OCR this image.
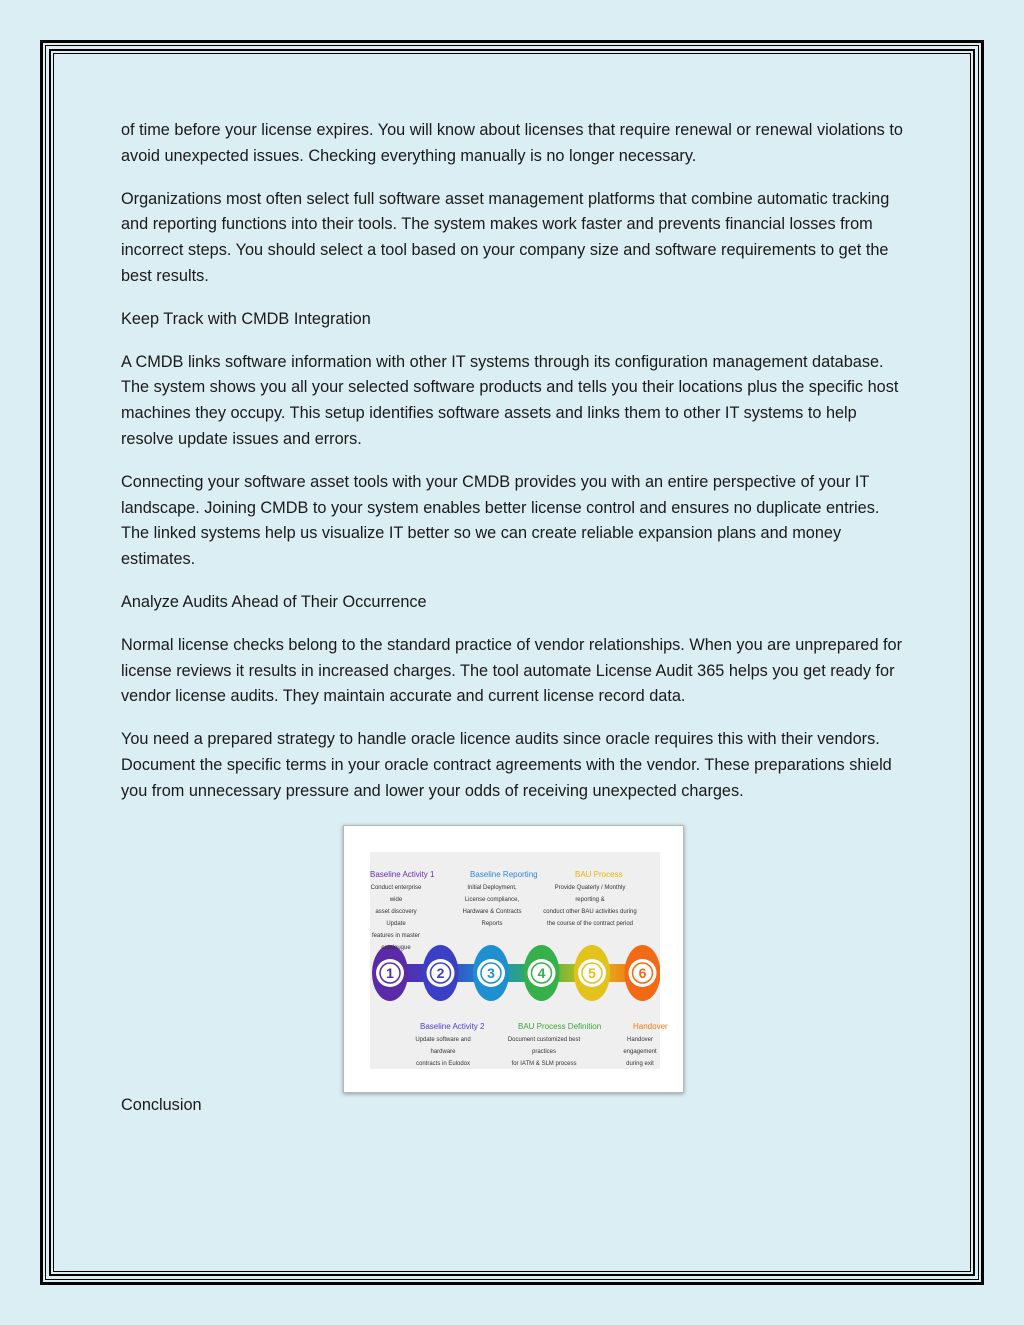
of time before your license expires. You will know about licenses that require renewal or renewal violations to avoid unexpected issues. Checking everything manually is no longer necessary.

Organizations most often select full software asset management platforms that combine automatic tracking and reporting functions into their tools. The system makes work faster and prevents financial losses from incorrect steps. You should select a tool based on your company size and software requirements to get the best results.

Keep Track with CMDB Integration

A CMDB links software information with other IT systems through its configuration management database. The system shows you all your selected software products and tells you their locations plus the specific host machines they occupy. This setup identifies software assets and links them to other IT systems to help resolve update issues and errors.

Connecting your software asset tools with your CMDB provides you with an entire perspective of your IT landscape. Joining CMDB to your system enables better license control and ensures no duplicate entries. The linked systems help us visualize IT better so we can create reliable expansion plans and money estimates.

Analyze Audits Ahead of Their Occurrence

Normal license checks belong to the standard practice of vendor relationships. When you are unprepared for license reviews it results in increased charges. The tool automate License Audit 365 helps you get ready for vendor license audits. They maintain accurate and current license record data.

You need a prepared strategy to handle oracle licence audits since oracle requires this with their vendors. Document the specific terms in your oracle contract agreements with the vendor. These preparations shield you from unnecessary pressure and lower your odds of receiving unexpected charges.

1	2	3	4	5	6
Baseline Activity 1
Conduct enterprise wide
asset discovery Update
features in master catalougue
Baseline Reporting
Initial Deployment,
License compliance,
Hardware & Contracts Reports
BAU Process
Provide Quaterly / Monthly reporting &
conduct other BAU activities during
the course of the contract period
Baseline Activity 2
Update software and hardware
contracts in Eulodox
BAU Process Definition
Document customized best practices
for IATM & SLM process
Handover
Handover engagement
during exit

Conclusion
